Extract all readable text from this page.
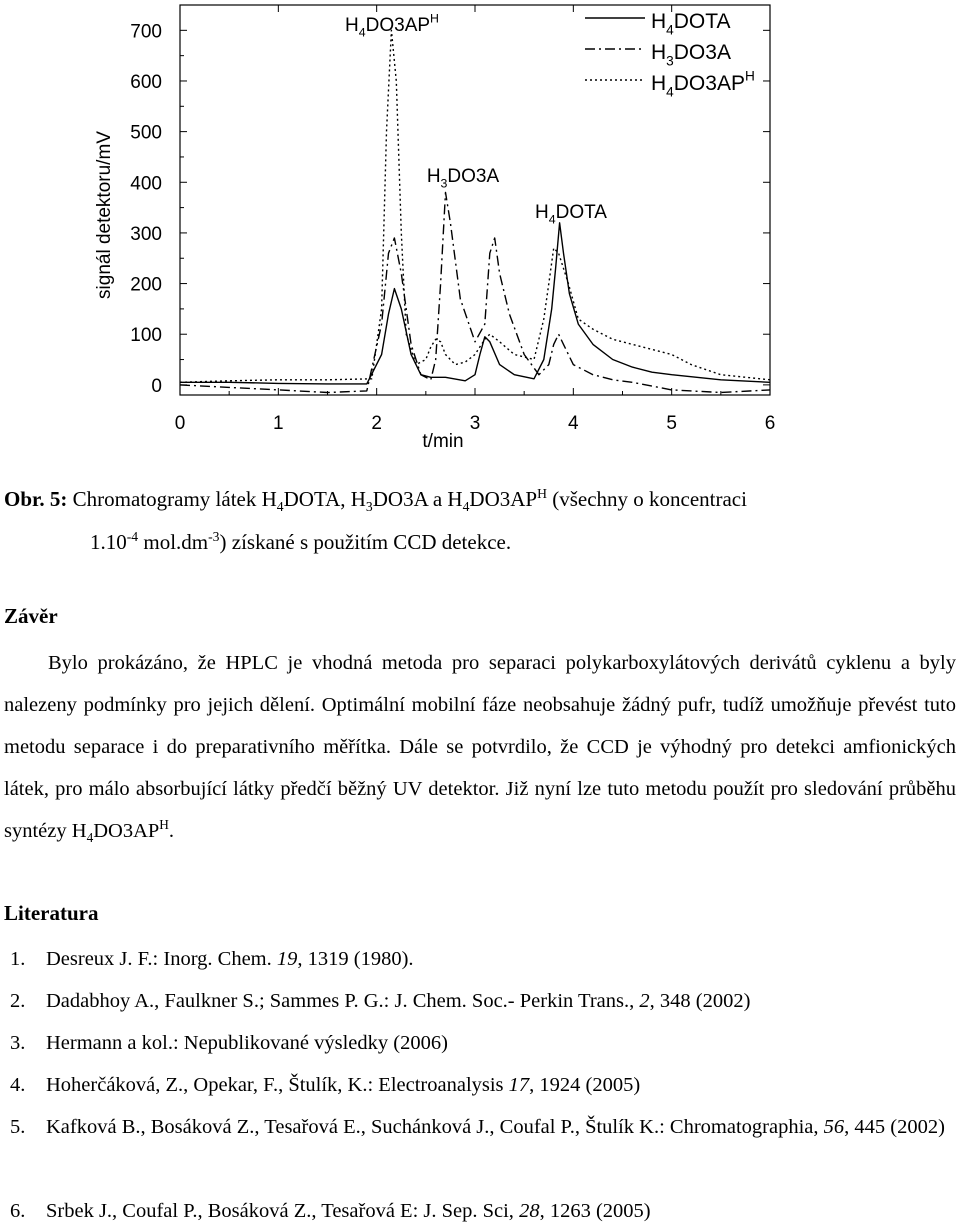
0	1	2	3	4	5	6
0
100
200
300
400
500
600
700	$H_4DOTA$
$H_3DO3A$
$H_4DO3AP^H$
$H_4DO3AP^H$
$H_3DO3A$
$H_4DOTA$
t/min
signál detektoru/mV
Obr. 5: Chromatogramy látek $H_4DOTA$, $H_3DO3A$ a $H_4DO3AP^H$ (všechny o koncentraci
$1.10^{-4}$ $mol.dm^{-3}$) získané s použitím CCD detekce.
Závěr
Bylo prokázáno, že HPLC je vhodná metoda pro separaci polykarboxylátových derivátů cyklenu a byly nalezeny podmínky pro jejich dělení. Optimální mobilní fáze neobsahuje žádný pufr, tudíž umožňuje převést tuto metodu separace i do preparativního měřítka. Dále se potvrdilo, že CCD je výhodný pro detekci amfionických látek, pro málo absorbující látky předčí běžný UV detektor. Již nyní lze tuto metodu použít pro sledování průběhu syntézy $H_4DO3AP^H$.
Literatura
1.	Desreux J. F.: Inorg. Chem. 19, 1319 (1980).
2.	Dadabhoy A., Faulkner S.; Sammes P. G.: J. Chem. Soc.- Perkin Trans., 2, 348 (2002)
3.	Hermann a kol.: Nepublikované výsledky (2006)
4.	Hoherčáková, Z., Opekar, F., Štulík, K.: Electroanalysis 17, 1924 (2005)
5.	Kafková B., Bosáková Z., Tesařová E., Suchánková J., Coufal P., Štulík K.: Chromatographia, 56, 445 (2002)
6.	Srbek J., Coufal P., Bosáková Z., Tesařová E: J. Sep. Sci, 28, 1263 (2005)
